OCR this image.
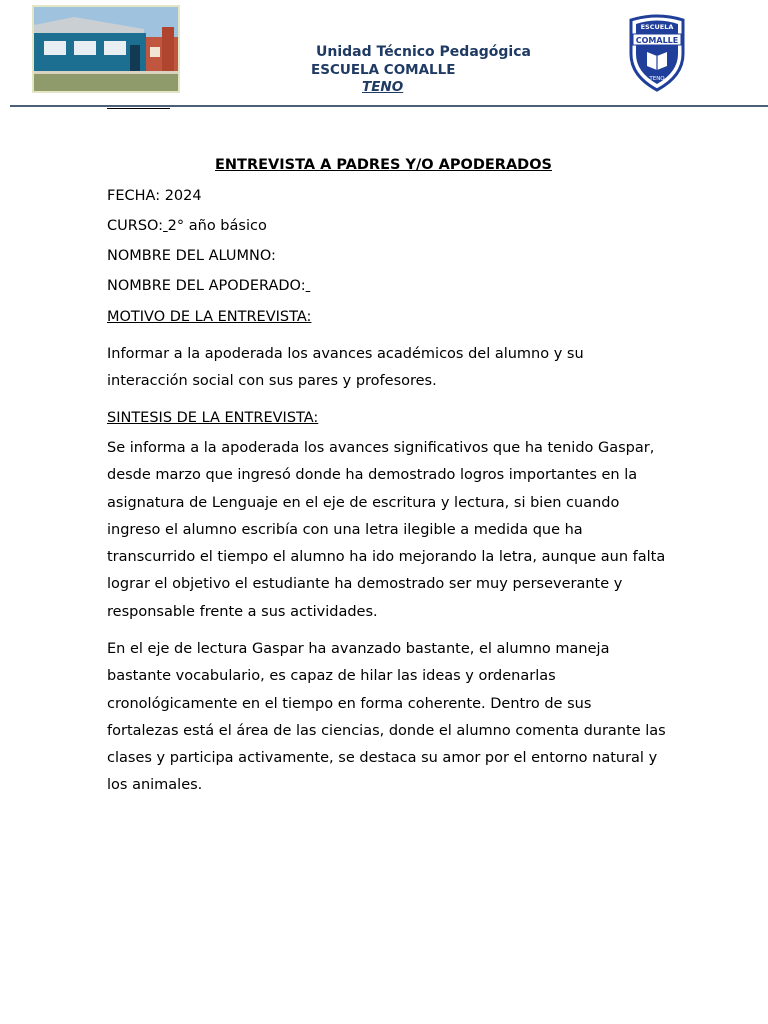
Unidad Técnico Pedagógica
ESCUELA COMALLE
TENO
ESCUELA
COMALLE
TENO
ENTREVISTA A PADRES Y/O APODERADOS
FECHA: 2024
CURSO: 2° año básico
NOMBRE DEL ALUMNO:
NOMBRE DEL APODERADO:
MOTIVO DE LA ENTREVISTA:
Informar a la apoderada los avances académicos del alumno y su interacción social con sus pares y profesores.
SINTESIS DE LA ENTREVISTA:
Se informa a la apoderada los avances significativos que ha tenido Gaspar, desde marzo que ingresó donde ha demostrado logros importantes en la asignatura de Lenguaje en el eje de escritura y lectura, si bien cuando ingreso el alumno escribía con una letra ilegible a medida que ha transcurrido el tiempo el alumno ha ido mejorando la letra, aunque aun falta lograr el objetivo el estudiante ha demostrado ser muy perseverante y responsable frente a sus actividades.
En el eje de lectura Gaspar ha avanzado bastante, el alumno maneja bastante vocabulario, es capaz de hilar las ideas y ordenarlas cronológicamente en el tiempo en forma coherente. Dentro de sus fortalezas está el área de las ciencias, donde el alumno comenta durante las clases y participa activamente, se destaca su amor por el entorno natural y los animales.
